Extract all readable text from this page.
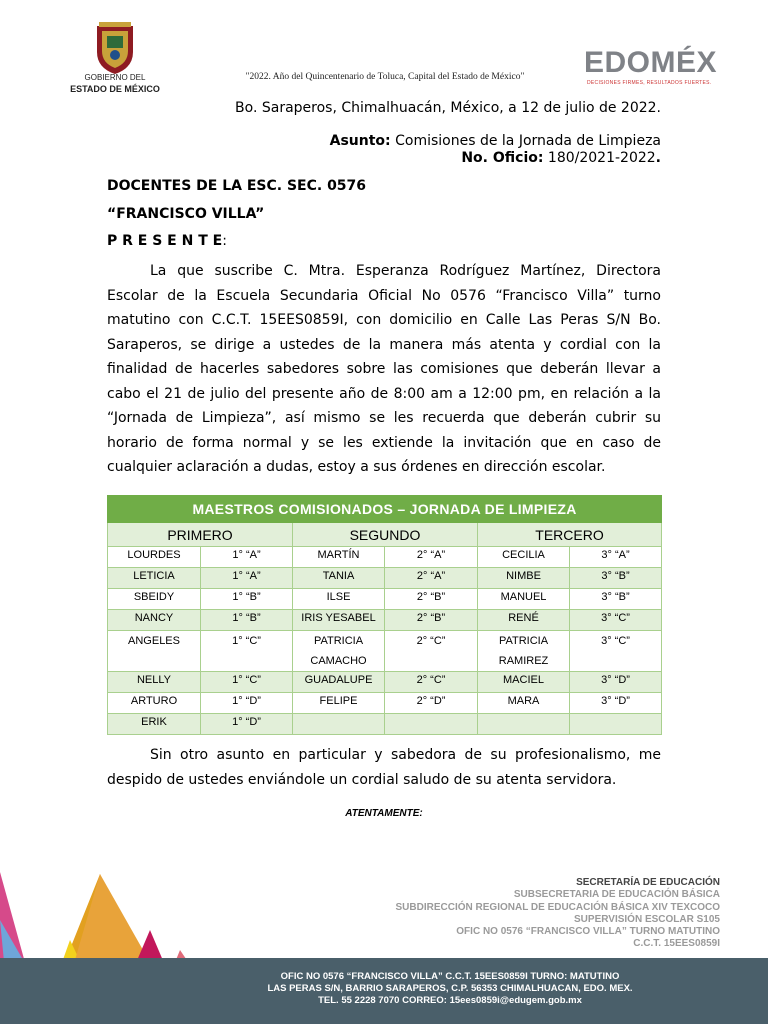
GOBIERNO DEL
ESTADO DE MÉXICO
"2022. Año del Quincentenario de Toluca, Capital del Estado de México"	EDOMÉX
DECISIONES FIRMES, RESULTADOS FUERTES.
Bo. Saraperos, Chimalhuacán, México, a 12 de julio de 2022.
Asunto: Comisiones de la Jornada de Limpieza
No. Oficio: 180/2021-2022.
DOCENTES DE LA ESC. SEC. 0576
“FRANCISCO VILLA”
P R E S E N T E:
La que suscribe C. Mtra. Esperanza Rodríguez Martínez, Directora Escolar de la Escuela Secundaria Oficial No 0576 “Francisco Villa” turno matutino con C.C.T. 15EES0859I, con domicilio en Calle Las Peras S/N Bo. Saraperos, se dirige a ustedes de la manera más atenta y cordial con la finalidad de hacerles sabedores sobre las comisiones que deberán llevar a cabo el 21 de julio del presente año de 8:00 am a 12:00 pm, en relación a la “Jornada de Limpieza”, así mismo se les recuerda que deberán cubrir su horario de forma normal y se les extiende la invitación que en caso de cualquier aclaración a dudas, estoy a sus órdenes en dirección escolar.
MAESTROS COMISIONADOS – JORNADA DE LIMPIEZA					
PRIMERO		SEGUNDO		TERCERO	
LOURDES	1° “A”	MARTÍN	2° “A”	CECILIA	3° “A”
LETICIA	1° “A”	TANIA	2° “A”	NIMBE	3° “B”
SBEIDY	1° “B”	ILSE	2° “B”	MANUEL	3° “B”
NANCY	1° “B”	IRIS YESABEL	2° “B”	RENÉ	3° “C”
ANGELES	1° “C”	PATRICIA CAMACHO	2° “C”	PATRICIA RAMIREZ	3° “C”
NELLY	1° “C”	GUADALUPE	2° “C”	MACIEL	3° “D”
ARTURO	1° “D”	FELIPE	2° “D”	MARA	3° “D”
ERIK	1° “D”				
Sin otro asunto en particular y sabedora de su profesionalismo, me despido de ustedes enviándole un cordial saludo de su atenta servidora.
ATENTAMENTE:
SECRETARÍA DE EDUCACIÓN
SUBSECRETARIA DE EDUCACIÓN BÁSICA
SUBDIRECCIÓN REGIONAL DE EDUCACIÓN BÁSICA XIV TEXCOCO
SUPERVISIÓN ESCOLAR S105
OFIC NO 0576 “FRANCISCO VILLA” TURNO MATUTINO
C.C.T. 15EES0859I
OFIC NO 0576 “FRANCISCO VILLA” C.C.T. 15EES0859I TURNO: MATUTINO
LAS PERAS S/N, BARRIO SARAPEROS, C.P. 56353 CHIMALHUACAN, EDO. MEX.
TEL. 55 2228 7070 CORREO: 15ees0859i@edugem.gob.mx
